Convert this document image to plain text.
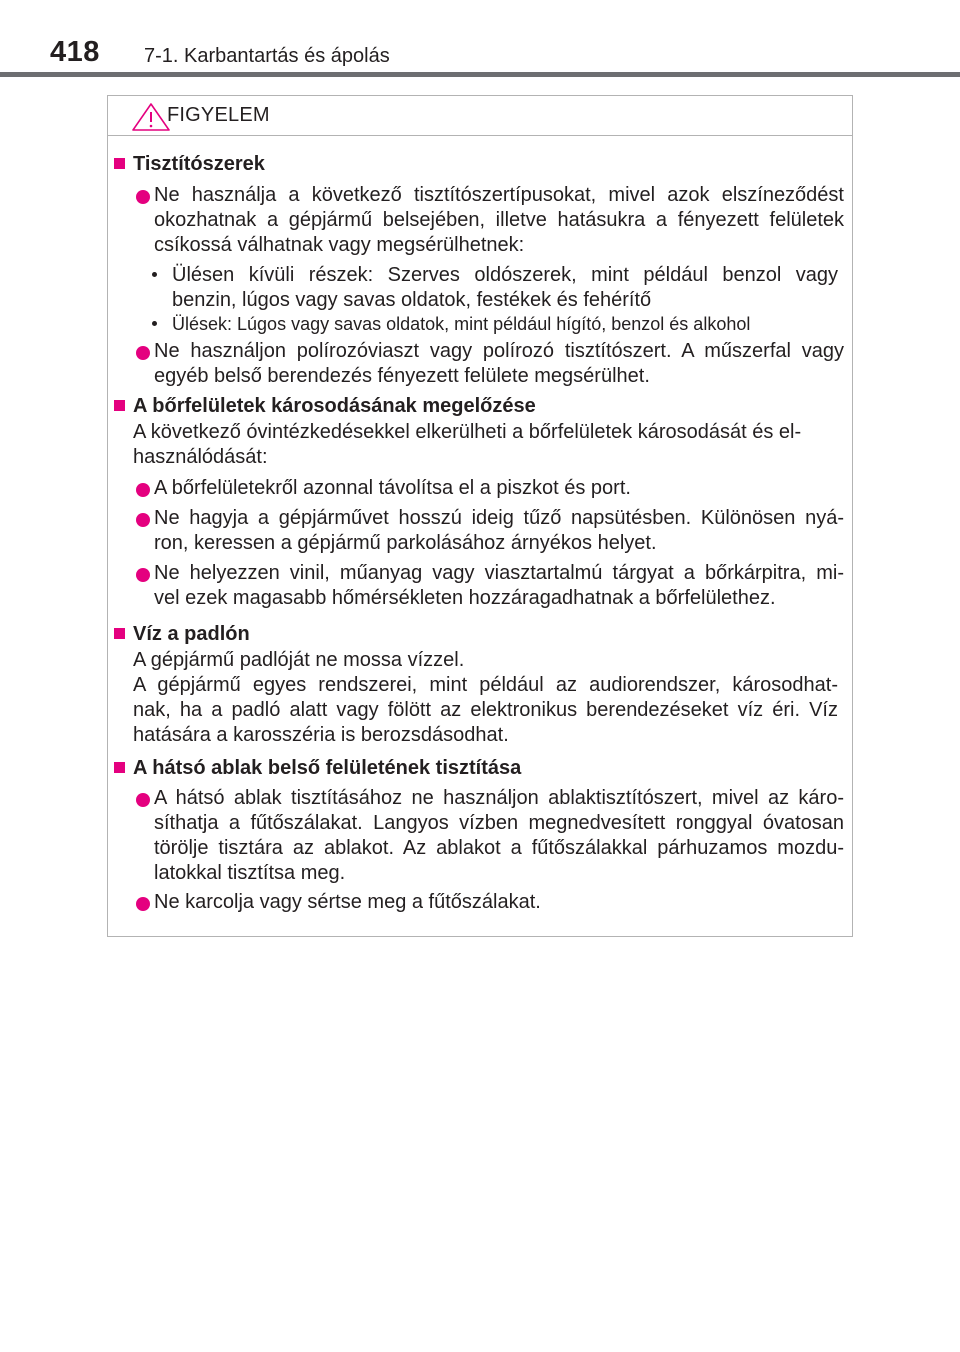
418 7-1. Karbantartás és ápolás
FIGYELEM
Tisztítószerek
Ne használja a következő tisztítószertípusokat, mivel azok elszíneződést
okozhatnak a gépjármű belsejében, illetve hatásukra a fényezett felületek
csíkossá válhatnak vagy megsérülhetnek:
Ülésen kívüli részek: Szerves oldószerek, mint például benzol vagy
benzin, lúgos vagy savas oldatok, festékek és fehérítő
Ülések: Lúgos vagy savas oldatok, mint például hígító, benzol és alkohol
Ne használjon polírozóviaszt vagy polírozó tisztítószert. A műszerfal vagy
egyéb belső berendezés fényezett felülete megsérülhet.
A bőrfelületek károsodásának megelőzése
A következő óvintézkedésekkel elkerülheti a bőrfelületek károsodását és el-
használódását:
A bőrfelületekről azonnal távolítsa el a piszkot és port.
Ne hagyja a gépjárművet hosszú ideig tűző napsütésben. Különösen nyá-
ron, keressen a gépjármű parkolásához árnyékos helyet.
Ne helyezzen vinil, műanyag vagy viasztartalmú tárgyat a bőrkárpitra, mi-
vel ezek magasabb hőmérsékleten hozzáragadhatnak a bőrfelülethez.
Víz a padlón
A gépjármű padlóját ne mossa vízzel.
A gépjármű egyes rendszerei, mint például az audiorendszer, károsodhat-
nak, ha a padló alatt vagy fölött az elektronikus berendezéseket víz éri. Víz
hatására a karosszéria is berozsdásodhat.
A hátsó ablak belső felületének tisztítása
A hátsó ablak tisztításához ne használjon ablaktisztítószert, mivel az káro-
síthatja a fűtőszálakat. Langyos vízben megnedvesített ronggyal óvatosan
törölje tisztára az ablakot. Az ablakot a fűtőszálakkal párhuzamos mozdu-
latokkal tisztítsa meg.
Ne karcolja vagy sértse meg a fűtőszálakat.
